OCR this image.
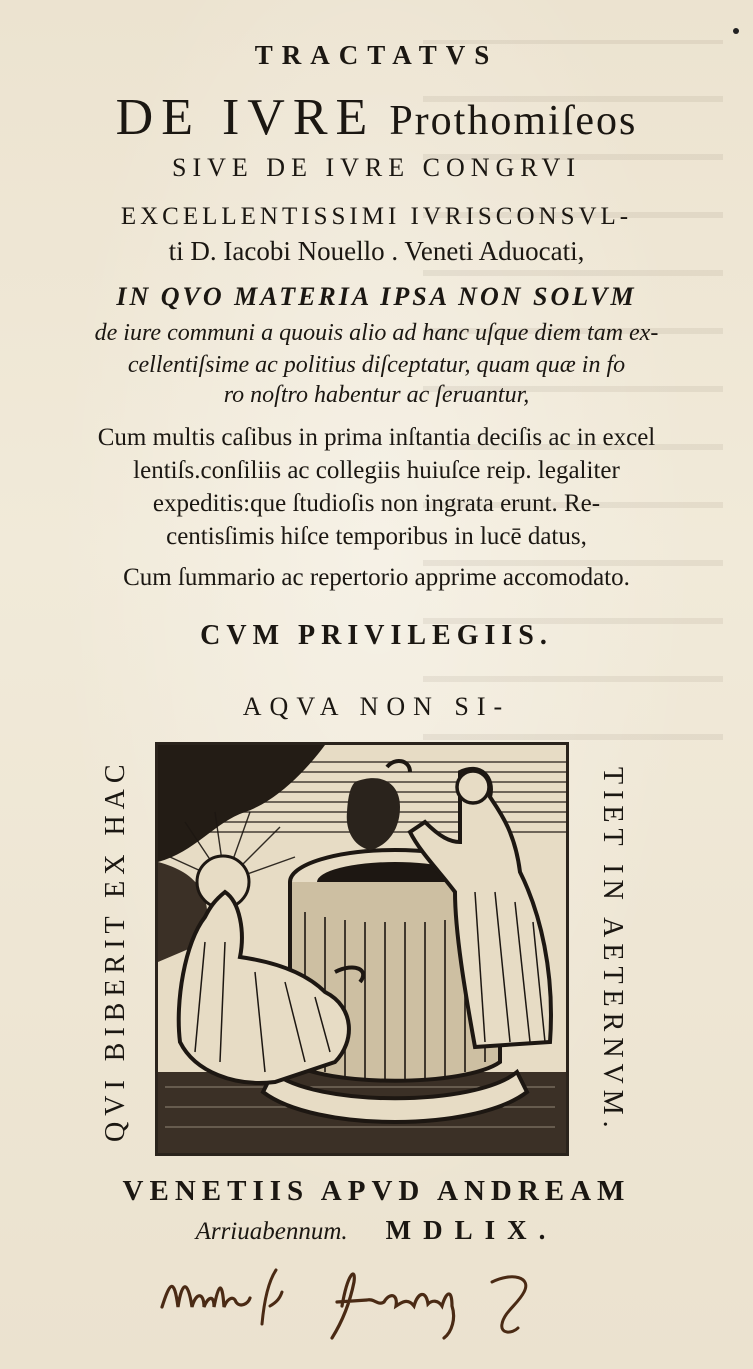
TRACTATVS
DE IVRE Prothomiſeos
SIVE DE IVRE CONGRVI
EXCELLENTISSIMI IVRISCONSVL-
ti D. Iacobi Nouello . Veneti Aduocati,
IN QVO MATERIA IPSA NON SOLVM
de iure communi a quouis alio ad hanc uſque diem tam ex-
cellentiſsime ac politius diſceptatur, quam quæ in fo
ro noſtro habentur ac ſeruantur,
Cum multis caſibus in prima inſtantia deciſis ac in excel
lentiſs.conſiliis ac collegiis huiuſce reip. legaliter
expeditis:que ſtudioſis non ingrata erunt. Re-
centisſimis hiſce temporibus in lucē datus,
Cum ſummario ac repertorio apprime accomodato.
CVM PRIVILEGIIS.
AQVA NON SI-
QVI BIBERIT EX HAC	TIET IN AETERNVM.
VENETIIS APVD ANDREAM
Arriuabennum. MDLIX.
